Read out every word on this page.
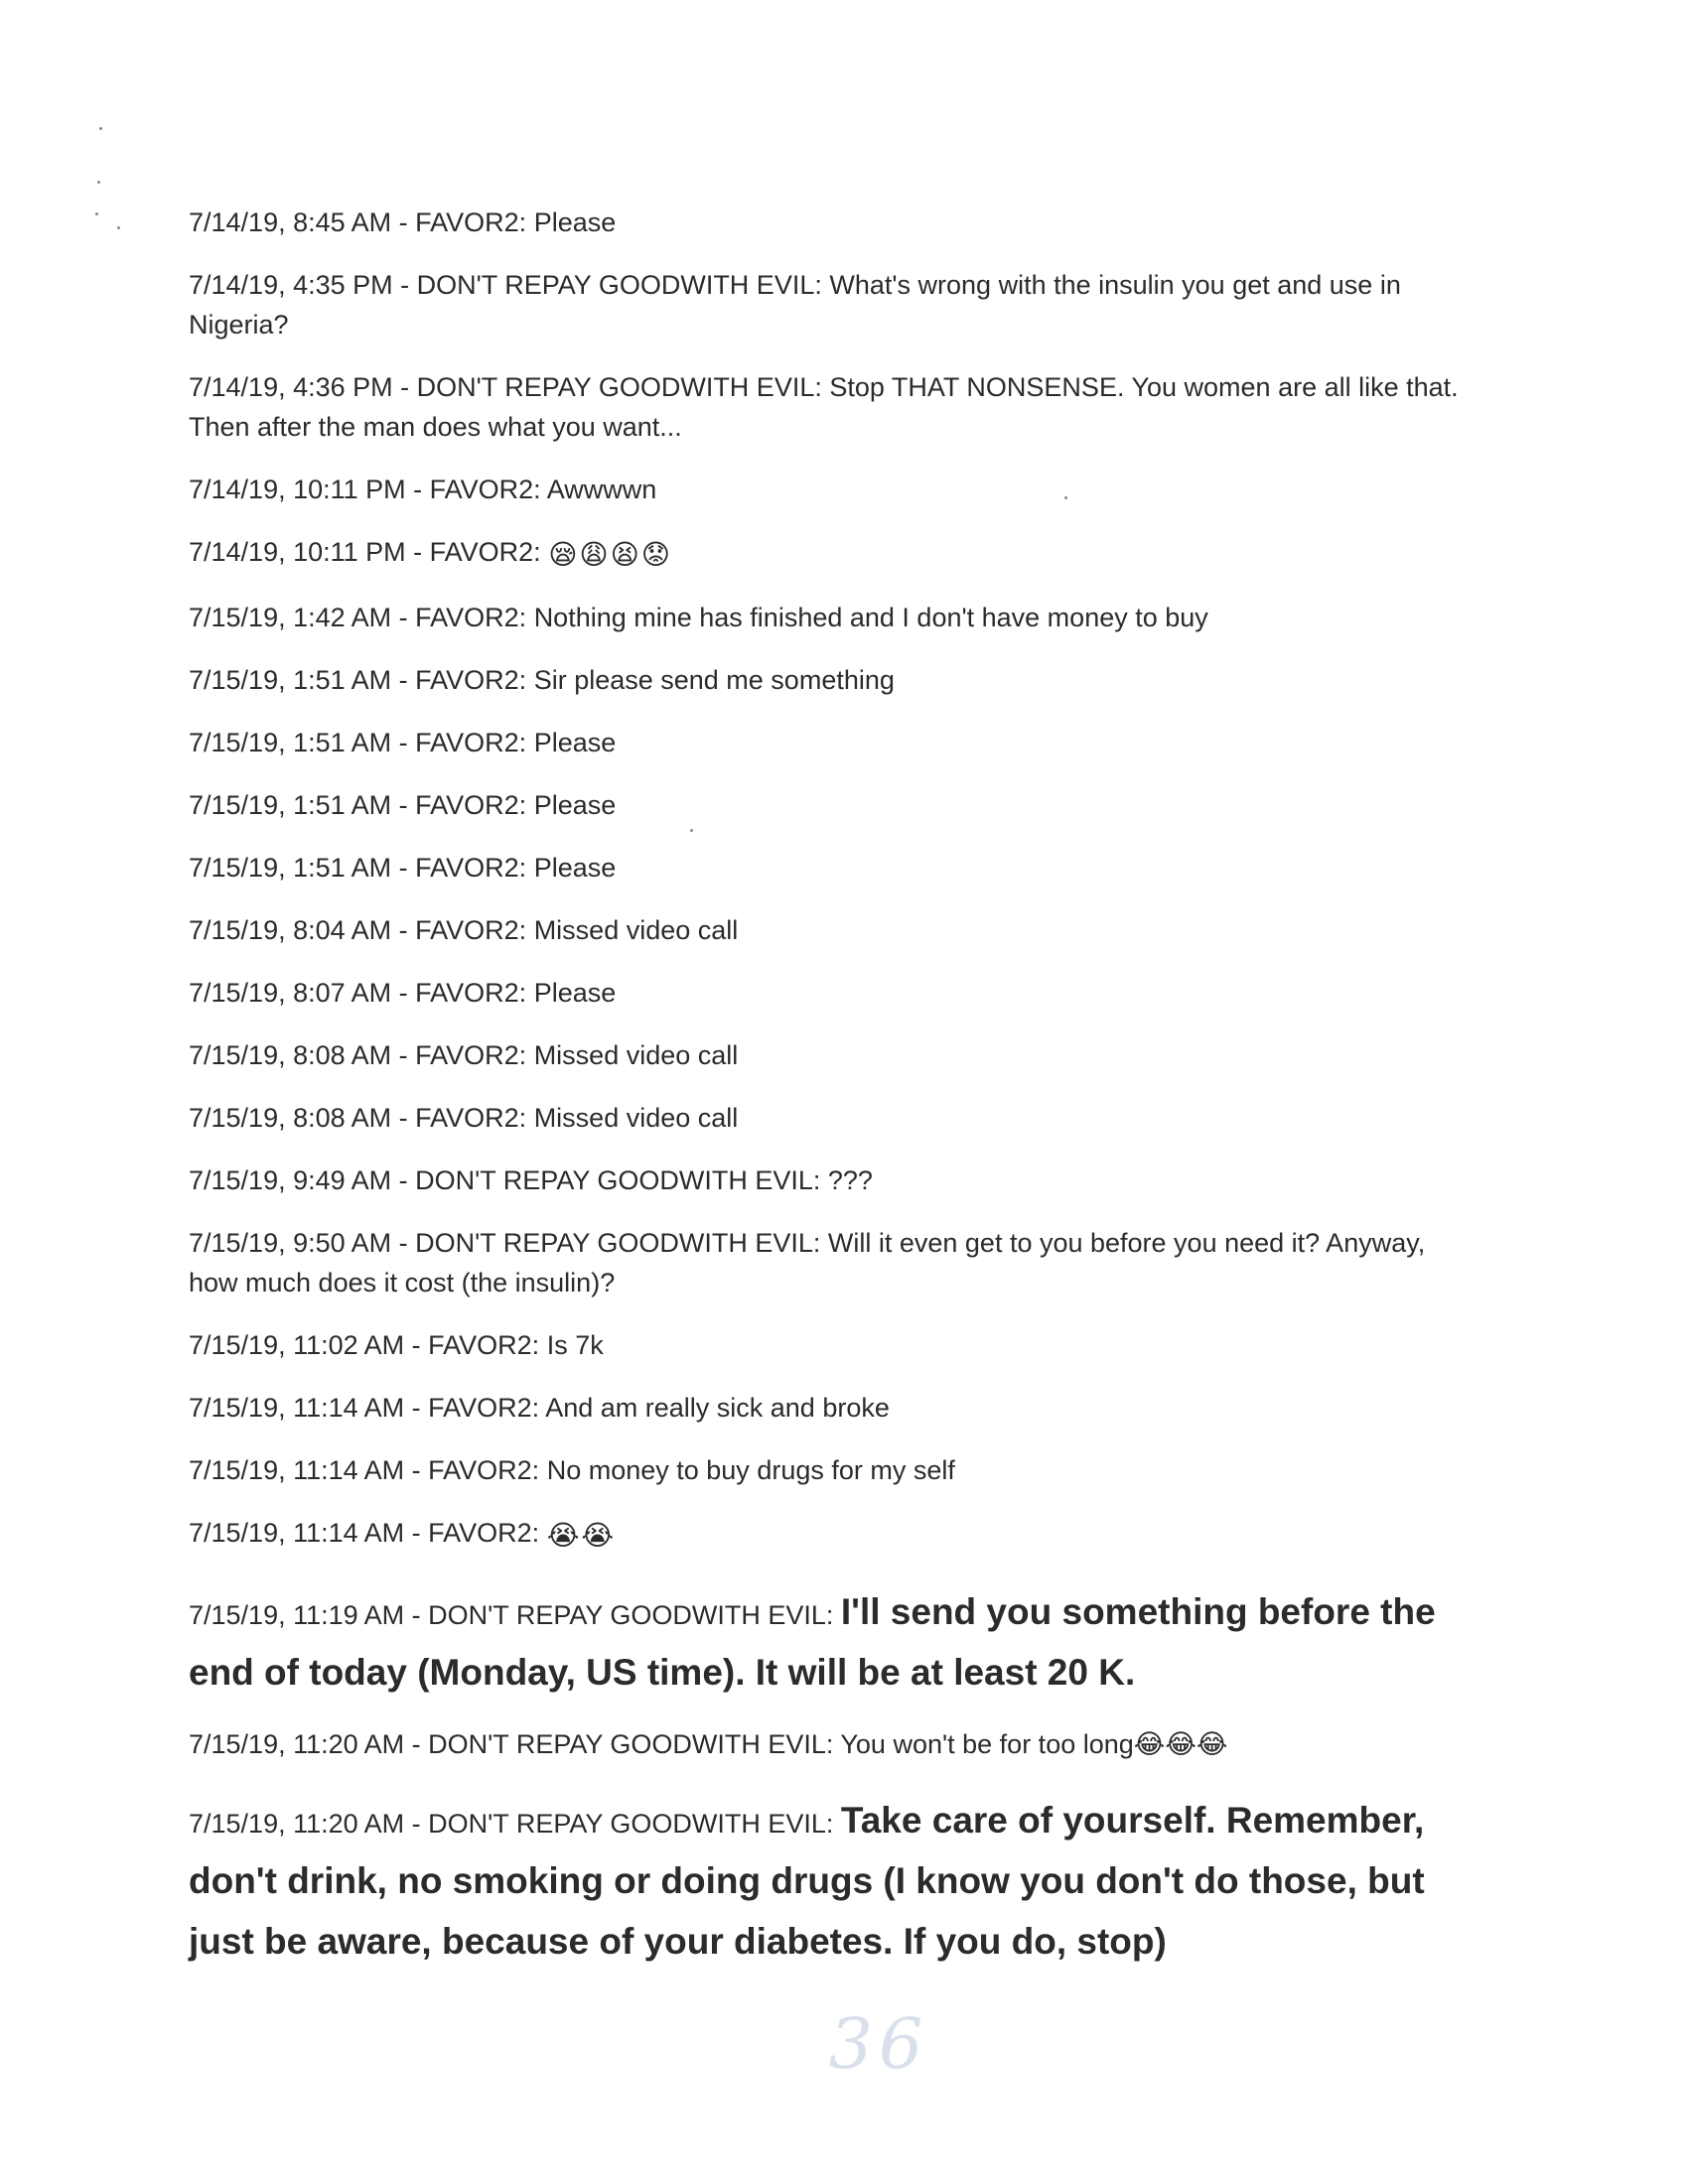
7/14/19, 8:45 AM - FAVOR2: Please
7/14/19, 4:35 PM - DON'T REPAY GOODWITH EVIL: What's wrong with the insulin you get and use in Nigeria?
7/14/19, 4:36 PM - DON'T REPAY GOODWITH EVIL: Stop THAT NONSENSE. You women are all like that. Then after the man does what you want...
7/14/19, 10:11 PM - FAVOR2: Awwwwn
7/14/19, 10:11 PM - FAVOR2: 😪😩😫😟
7/15/19, 1:42 AM - FAVOR2: Nothing mine has finished and I don't have money to buy
7/15/19, 1:51 AM - FAVOR2: Sir please send me something
7/15/19, 1:51 AM - FAVOR2: Please
7/15/19, 1:51 AM - FAVOR2: Please
7/15/19, 1:51 AM - FAVOR2: Please
7/15/19, 8:04 AM - FAVOR2: Missed video call
7/15/19, 8:07 AM - FAVOR2: Please
7/15/19, 8:08 AM - FAVOR2: Missed video call
7/15/19, 8:08 AM - FAVOR2: Missed video call
7/15/19, 9:49 AM - DON'T REPAY GOODWITH EVIL: ???
7/15/19, 9:50 AM - DON'T REPAY GOODWITH EVIL: Will it even get to you before you need it? Anyway, how much does it cost (the insulin)?
7/15/19, 11:02 AM - FAVOR2: Is 7k
7/15/19, 11:14 AM - FAVOR2: And am really sick and broke
7/15/19, 11:14 AM - FAVOR2: No money to buy drugs for my self
7/15/19, 11:14 AM - FAVOR2: 😭😭
7/15/19, 11:19 AM - DON'T REPAY GOODWITH EVIL: I'll send you something before the end of today (Monday, US time). It will be at least 20 K.
7/15/19, 11:20 AM - DON'T REPAY GOODWITH EVIL: You won't be for too long😂😂😂
7/15/19, 11:20 AM - DON'T REPAY GOODWITH EVIL: Take care of yourself. Remember, don't drink, no smoking or doing drugs (I know you don't do those, but just be aware, because of your diabetes. If you do, stop)
36
